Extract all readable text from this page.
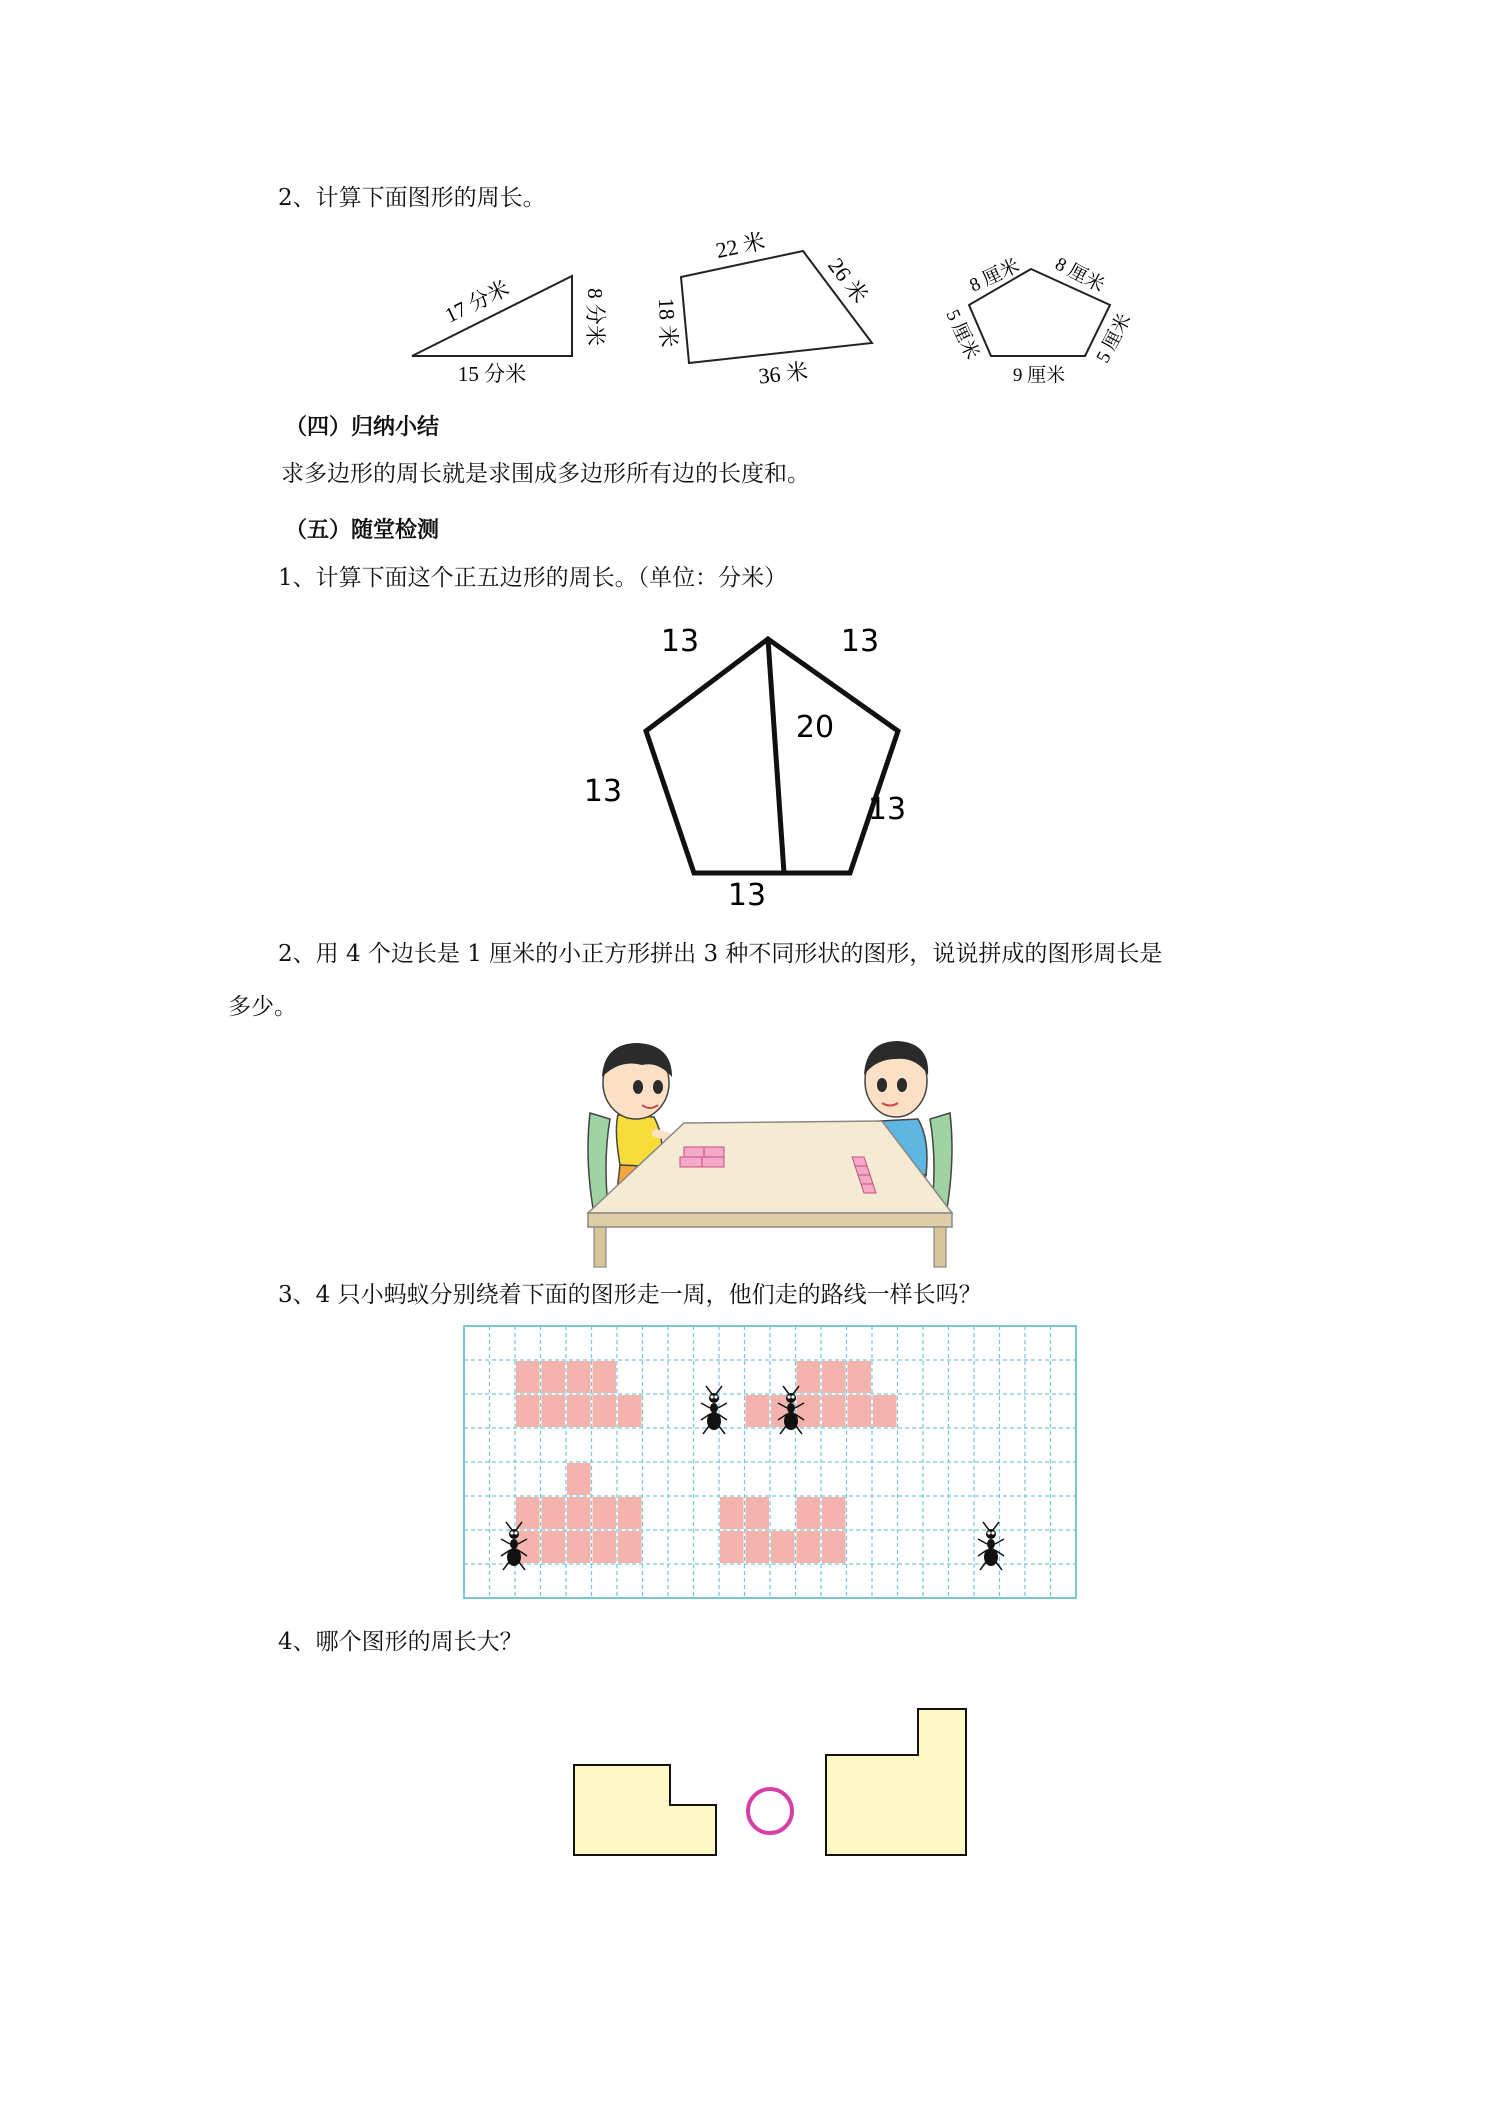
2、计算下面图形的周长。
17 分米	8 分米
15 分米
22 米
26 米
18 米
36 米
8 厘米 8 厘米
5 厘米	5 厘米
9 厘米
（四）归纳小结
求多边形的周长就是求围成多边形所有边的长度和。
（五）随堂检测
1、计算下面这个正五边形的周长。（单位：分米）
13	13
20
13
13
13
2、用 4 个边长是 1 厘米的小正方形拼出 3 种不同形状的图形，说说拼成的图形周长是
多少。
3、4 只小蚂蚁分别绕着下面的图形走一周，他们走的路线一样长吗？
4、哪个图形的周长大？
